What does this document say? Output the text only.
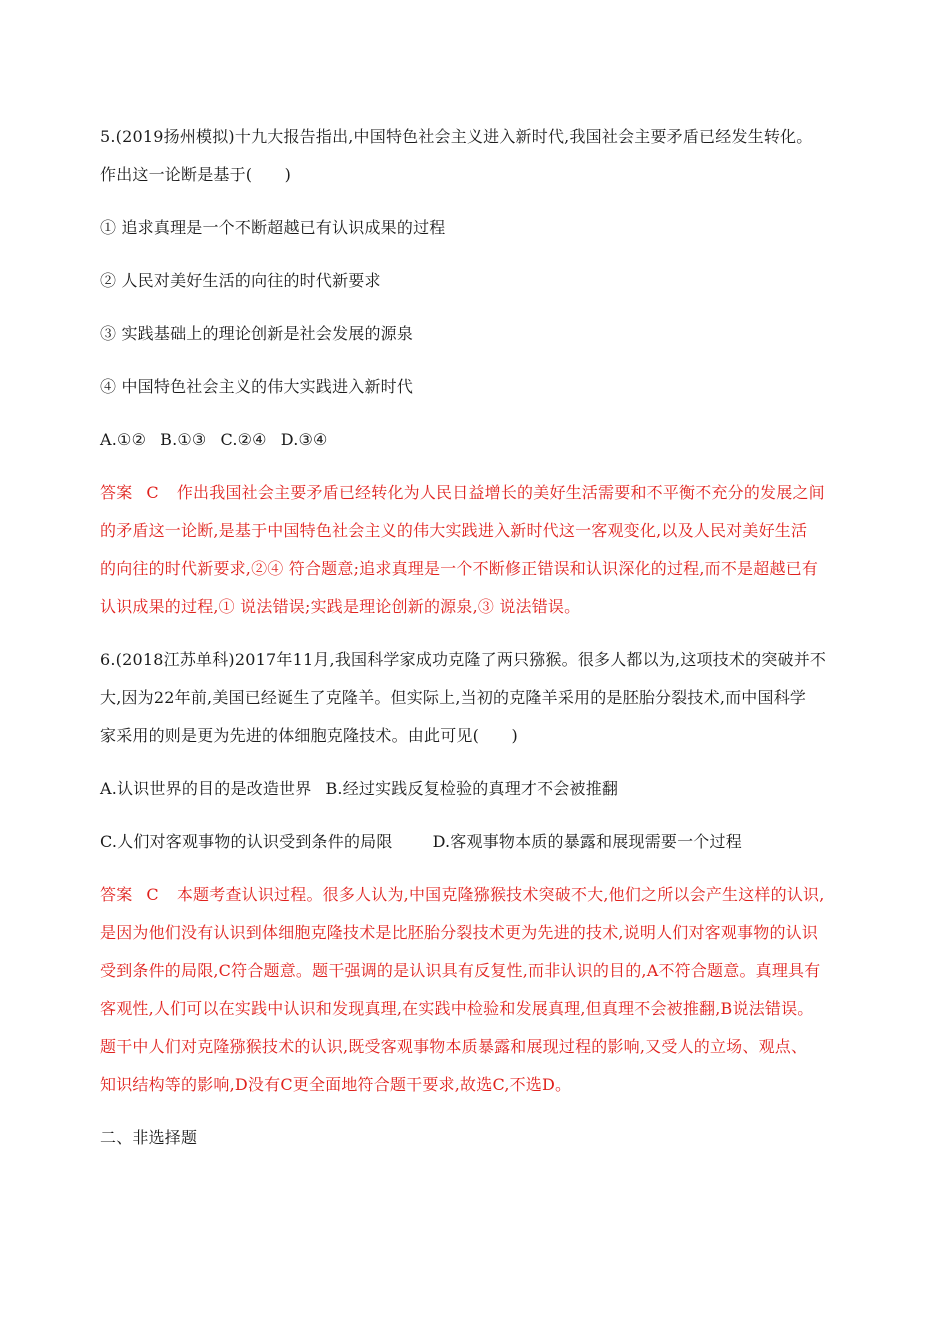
5.(2019扬州模拟)十九大报告指出,中国特色社会主义进入新时代,我国社会主要矛盾已经发生转化。
作出这一论断是基于(　　)
① 追求真理是一个不断超越已有认识成果的过程
② 人民对美好生活的向往的时代新要求
③ 实践基础上的理论创新是社会发展的源泉
④ 中国特色社会主义的伟大实践进入新时代
A.①② B.①③ C.②④ D.③④
答案 C 作出我国社会主要矛盾已经转化为人民日益增长的美好生活需要和不平衡不充分的发展之间
的矛盾这一论断,是基于中国特色社会主义的伟大实践进入新时代这一客观变化,以及人民对美好生活
的向往的时代新要求,②④ 符合题意;追求真理是一个不断修正错误和认识深化的过程,而不是超越已有
认识成果的过程,① 说法错误;实践是理论创新的源泉,③ 说法错误。
6.(2018江苏单科)2017年11月,我国科学家成功克隆了两只猕猴。很多人都以为,这项技术的突破并不
大,因为22年前,美国已经诞生了克隆羊。但实际上,当初的克隆羊采用的是胚胎分裂技术,而中国科学
家采用的则是更为先进的体细胞克隆技术。由此可见(　　)
A.认识世界的目的是改造世界 B.经过实践反复检验的真理才不会被推翻
C.人们对客观事物的认识受到条件的局限	D.客观事物本质的暴露和展现需要一个过程
答案 C 本题考查认识过程。很多人认为,中国克隆猕猴技术突破不大,他们之所以会产生这样的认识,
是因为他们没有认识到体细胞克隆技术是比胚胎分裂技术更为先进的技术,说明人们对客观事物的认识
受到条件的局限,C符合题意。题干强调的是认识具有反复性,而非认识的目的,A不符合题意。真理具有
客观性,人们可以在实践中认识和发现真理,在实践中检验和发展真理,但真理不会被推翻,B说法错误。
题干中人们对克隆猕猴技术的认识,既受客观事物本质暴露和展现过程的影响,又受人的立场、观点、
知识结构等的影响,D没有C更全面地符合题干要求,故选C,不选D。
二、非选择题
